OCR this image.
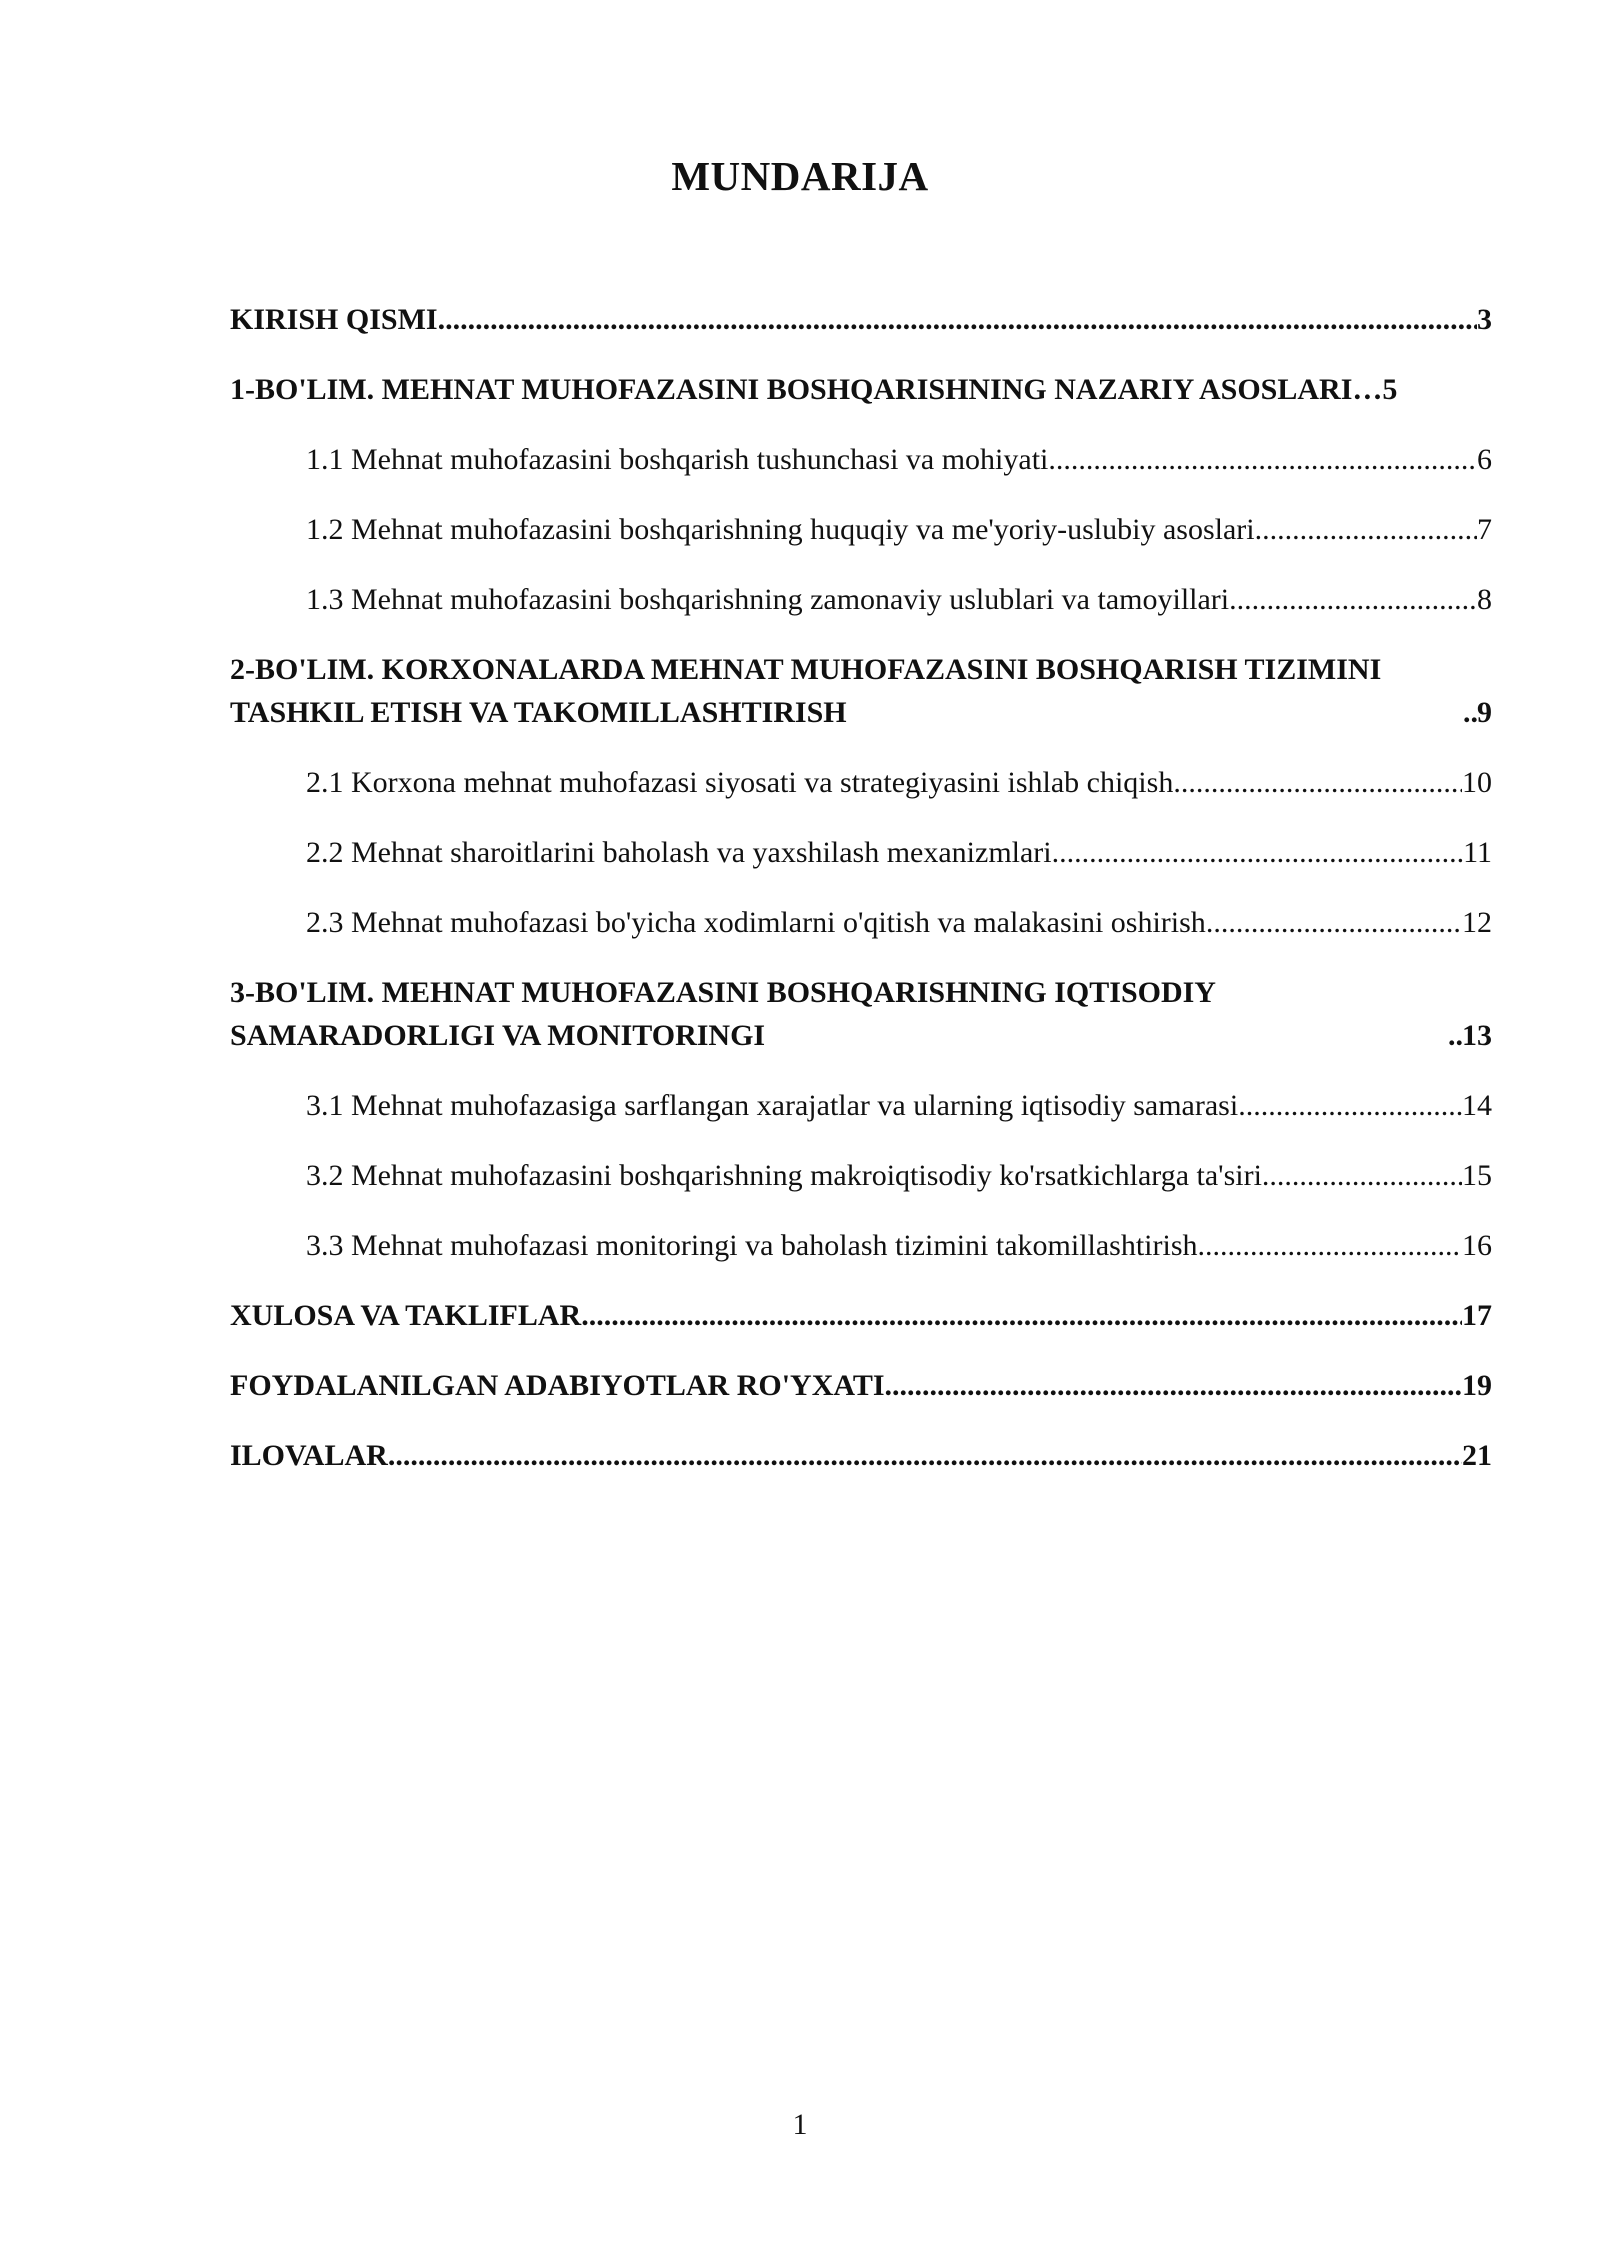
MUNDARIJA
KIRISH QISMI .....	3
1-BO'LIM. MEHNAT MUHOFAZASINI BOSHQARISHNING NAZARIY ASOSLARI… 5
1.1 Mehnat muhofazasini boshqarish tushunchasi va mohiyati .....	6
1.2 Mehnat muhofazasini boshqarishning huquqiy va me'yoriy-uslubiy asoslari .....	7
1.3 Mehnat muhofazasini boshqarishning zamonaviy uslublari va tamoyillari .....	8
2-BO'LIM. KORXONALARDA MEHNAT MUHOFAZASINI BOSHQARISH TIZIMINI TASHKIL ETISH VA TAKOMILLASHTIRISH .....	9
2.1 Korxona mehnat muhofazasi siyosati va strategiyasini ishlab chiqish .....	10
2.2 Mehnat sharoitlarini baholash va yaxshilash mexanizmlari .....	11
2.3 Mehnat muhofazasi bo'yicha xodimlarni o'qitish va malakasini oshirish .....	12
3-BO'LIM. MEHNAT MUHOFAZASINI BOSHQARISHNING IQTISODIY SAMARADORLIGI VA MONITORINGI .....	13
3.1 Mehnat muhofazasiga sarflangan xarajatlar va ularning iqtisodiy samarasi .....	14
3.2 Mehnat muhofazasini boshqarishning makroiqtisodiy ko'rsatkichlarga ta'siri .....	15
3.3 Mehnat muhofazasi monitoringi va baholash tizimini takomillashtirish .....	16
XULOSA VA TAKLIFLAR .....	17
FOYDALANILGAN ADABIYOTLAR RO'YXATI .....	19
ILOVALAR .....	21
1
